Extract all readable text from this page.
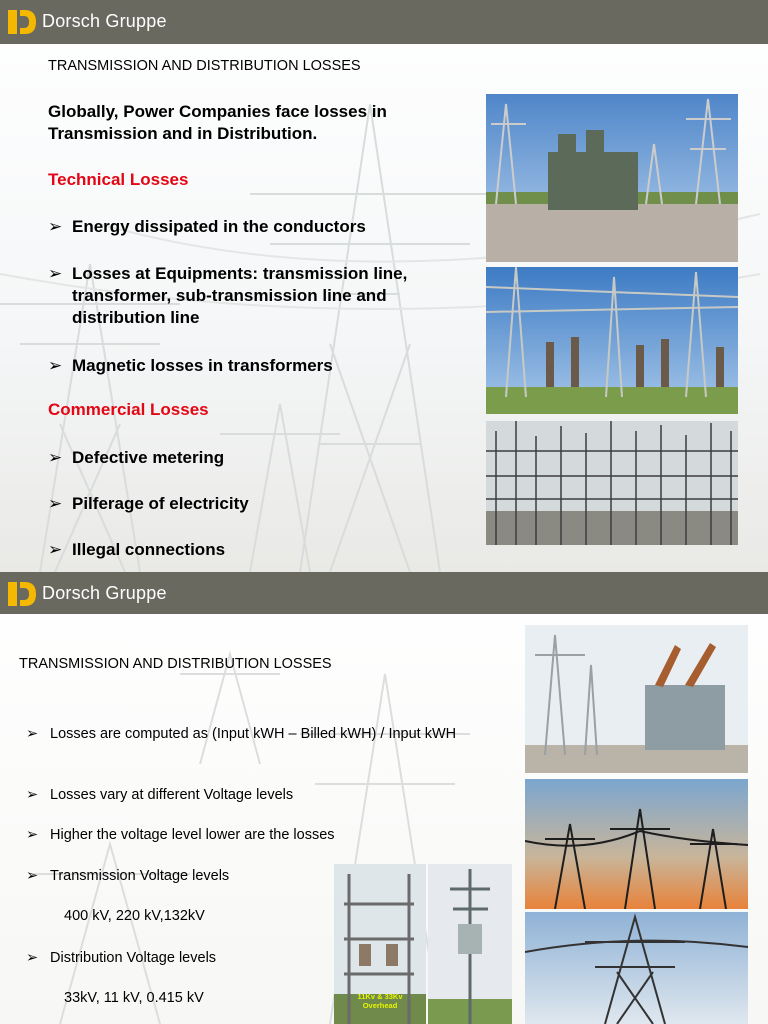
Dorsch Gruppe
TRANSMISSION AND DISTRIBUTION LOSSES
Globally, Power Companies face losses in Transmission and in Distribution.
Technical Losses
➢ Energy dissipated in the conductors
➢ Losses at Equipments: transmission line, transformer, sub-transmission line and distribution line
➢ Magnetic losses in transformers
Commercial Losses
➢ Defective metering
➢ Pilferage of electricity
➢ Illegal connections
Dorsch Gruppe
TRANSMISSION AND DISTRIBUTION LOSSES
➢ Losses are computed as (Input kWH – Billed kWH) / Input kWH
➢ Losses vary at different Voltage levels
➢ Higher the voltage level lower are the losses
➢ Transmission Voltage levels
400 kV, 220 kV,132kV
➢ Distribution Voltage levels
33kV, 11 kV, 0.415 kV	11Kv & 33Kv Overhead
